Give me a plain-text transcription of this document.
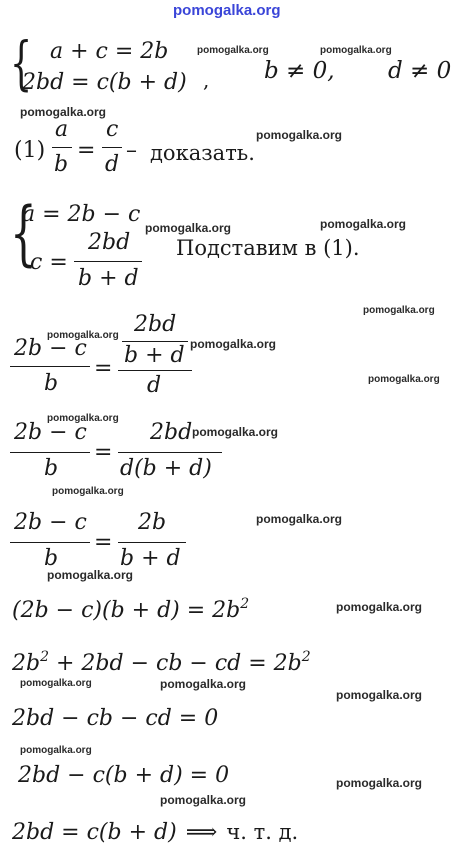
pomogalka.org
{ a + c = 2b
2bd = c(b + d) , b ≠ 0, d ≠ 0
pomogalka.org	pomogalka.org
pomogalka.org
(1)
a
b
=
c
d
– доказать.
pomogalka.org
{
a = 2b − c
c =
2bd
b + d
Подставим в (1).
pomogalka.org	pomogalka.org
pomogalka.org
2b − c
b
=
2bd
b + d
d
pomogalka.org
pomogalka.org
pomogalka.org
2b − c
b
=
2bd
d(b + d)
pomogalka.org
pomogalka.org
pomogalka.org
2b − c
b
=
2b
b + d
pomogalka.org
pomogalka.org
$(2b - c)(b + d) = 2b^2$	pomogalka.org
$2b^2 + 2bd$ − cb − cd = $2b^2$
pomogalka.org	pomogalka.org
pomogalka.org
2bd − cb − cd = 0
pomogalka.org
2bd − c(b + d) = 0	pomogalka.org
pomogalka.org
2bd = c(b + d) ⟹ ч. т. д.
